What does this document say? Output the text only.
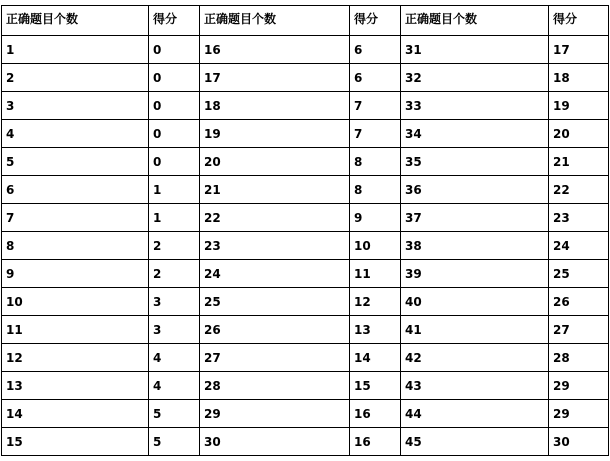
正确题目个数	得分	正确题目个数	得分	正确题目个数	得分
1	0	16	6	31	17
2	0	17	6	32	18
3	0	18	7	33	19
4	0	19	7	34	20
5	0	20	8	35	21
6	1	21	8	36	22
7	1	22	9	37	23
8	2	23	10	38	24
9	2	24	11	39	25
10	3	25	12	40	26
11	3	26	13	41	27
12	4	27	14	42	28
13	4	28	15	43	29
14	5	29	16	44	29
15	5	30	16	45	30
